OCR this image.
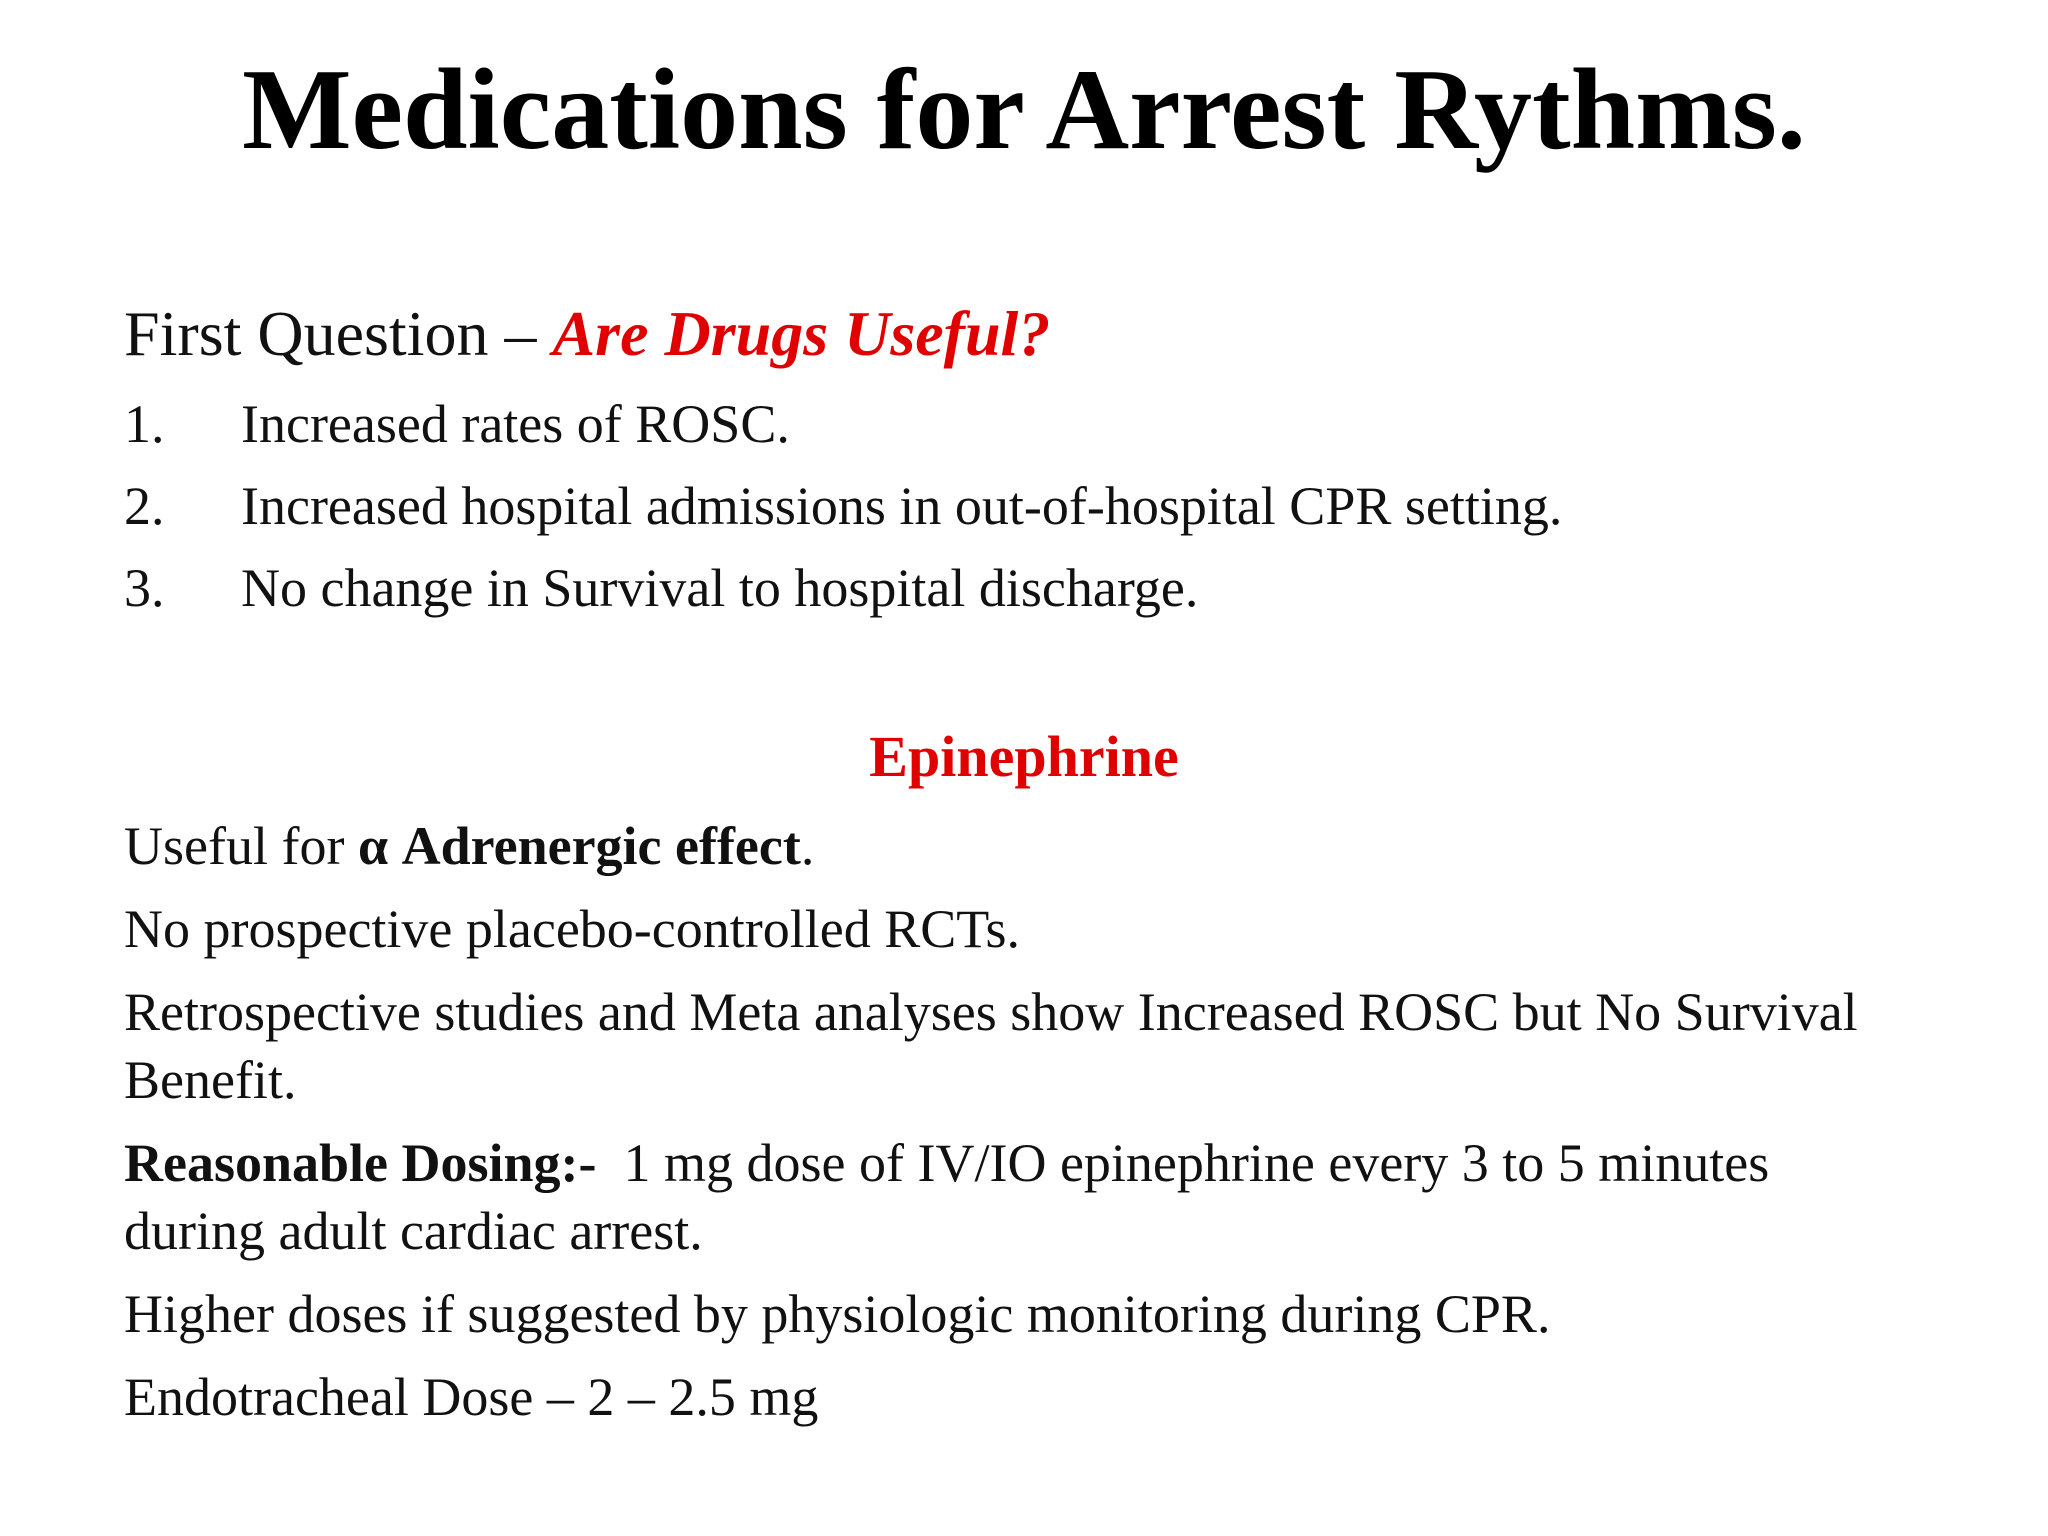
Medications for Arrest Rythms.
First Question – Are Drugs Useful?
1. Increased rates of ROSC.
2. Increased hospital admissions in out-of-hospital CPR setting.
3. No change in Survival to hospital discharge.
Epinephrine
Useful for α Adrenergic effect.
No prospective placebo-controlled RCTs.
Retrospective studies and Meta analyses show Increased ROSC but No Survival Benefit.
Reasonable Dosing:-  1 mg dose of IV/IO epinephrine every 3 to 5 minutes during adult cardiac arrest.
Higher doses if suggested by physiologic monitoring during CPR.
Endotracheal Dose – 2 – 2.5 mg
